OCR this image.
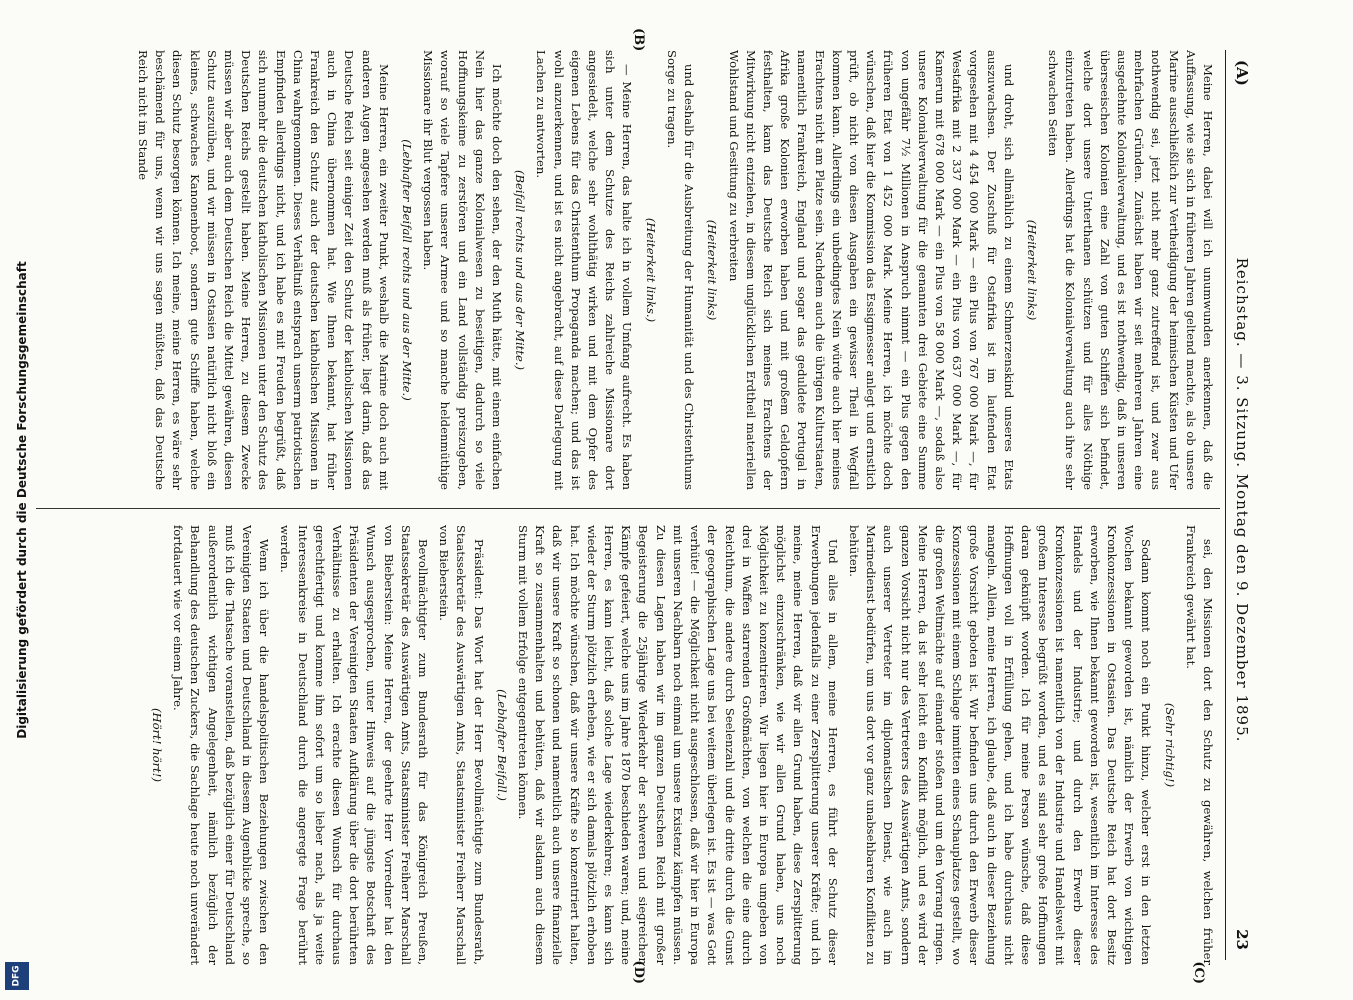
Digitalisierung gefördert durch die Deutsche Forschungsgemeinschaft
DFG
(A)
Reichstag. — 3. Sitzung. Montag den 9. Dezember 1895.
23

Meine Herren, dabei will ich unumwunden anerkennen, daß die Auffassung, wie sie sich in früheren Jahren geltend machte, als ob unsere Marine ausschließlich zur Vertheidigung der heimischen Küsten und Ufer nothwendig sei, jetzt nicht mehr ganz zutreffend ist, und zwar aus mehrfachen Gründen. Zunächst haben wir seit mehreren Jahren eine ausgedehnte Kolonialverwaltung, und es ist nothwendig, daß in unseren überseeischen Kolonien eine Zahl von guten Schiffen sich befindet, welche dort unsere Unterthanen schützen und für alles Nöthige einzutreten haben. Allerdings hat die Kolonialverwaltung auch ihre sehr schwachen Seiten

(Heiterkeit links)

und droht, sich allmählich zu einem Schmerzenskind unseres Etats auszuwachsen. Der Zuschuß für Ostafrika ist im laufenden Etat vorgesehen mit 4 454 000 Mark — ein Plus von 767 000 Mark —, für Westafrika mit 2 337 000 Mark — ein Plus von 637 000 Mark —, für Kamerun mit 678 000 Mark — ein Plus von 58 000 Mark —, sodaß also unsere Kolonialverwaltung für die genannten drei Gebiete eine Summe von ungefähr 7½ Millionen in Anspruch nimmt — ein Plus gegen den früheren Etat von 1 452 000 Mark. Meine Herren, ich möchte doch wünschen, daß hier die Kommission das Essigmesser anlegt und ernstlich prüft, ob nicht von diesen Ausgaben ein gewisser Theil in Wegfall kommen kann. Allerdings ein unbedingtes Nein würde auch hier meines Erachtens nicht am Platze sein. Nachdem auch die übrigen Kulturstaaten, namentlich Frankreich, England und sogar das geduldete Portugal in Afrika große Kolonien erworben haben und mit großem Geldopfern festhalten, kann das Deutsche Reich sich meines Erachtens der Mitwirkung nicht entziehen, in diesem unglücklichen Erdtheil materiellen Wohlstand und Gesittung zu verbreiten

(Heiterkeit links)

und deshalb für die Ausbreitung der Humanität und des Christenthums Sorge zu tragen.

(Heiterkeit links.)

— Meine Herren, das halte ich in vollem Umfang aufrecht. Es haben sich unter dem Schutze des Reichs zahlreiche Missionare dort angesiedelt, welche sehr wohlthätig wirken und mit dem Opfer des eigenen Lebens für das Christenthum Propaganda machen; und das ist wohl anzuerkennen, und ist es nicht angebracht, auf diese Darlegung mit Lachen zu antworten.

(Beifall rechts und aus der Mitte.)

Ich möchte doch den sehen, der den Muth hätte, mit einem einfachen Nein hier das ganze Kolonialwesen zu beseitigen, dadurch so viele Hoffnungskeime zu zerstören und ein Land vollständig preiszugeben, worauf so viele Tapfere unserer Armee und so manche heldenmüthige Missionare ihr Blut vergossen haben.

(Lebhafter Beifall rechts und aus der Mitte.)

Meine Herren, ein zweiter Punkt, weshalb die Marine doch auch mit anderen Augen angesehen werden muß als früher, liegt darin, daß das Deutsche Reich seit einiger Zeit den Schutz der katholischen Missionen auch in China übernommen hat. Wie Ihnen bekannt, hat früher Frankreich den Schutz auch der deutschen katholischen Missionen in China wahrgenommen. Dieses Verhältniß entsprach unserm patriotischen Empfinden allerdings nicht, und ich habe es mit Freuden begrüßt, daß sich nunmehr die deutschen katholischen Missionen unter den Schutz des Deutschen Reichs gestellt haben. Meine Herren, zu diesem Zwecke müssen wir aber auch dem Deutschen Reich die Mittel gewähren, diesen Schutz auszuüben, und wir müssen in Ostasien natürlich nicht bloß ein kleines, schwaches Kanonenboot, sondern gute Schiffe haben, welche diesen Schutz besorgen können. Ich meine, meine Herren, es wäre sehr beschämend für uns, wenn wir uns sagen müßten, daß das Deutsche Reich nicht im Stande

sei, den Missionen dort den Schutz zu gewähren, welchen früher Frankreich gewährt hat.

(Sehr richtig!)

Sodann kommt noch ein Punkt hinzu, welcher erst in den letzten Wochen bekannt geworden ist, nämlich der Erwerb von wichtigen Kronkonzessionen in Ostasien. Das Deutsche Reich hat dort Besitz erworben, wie Ihnen bekannt geworden ist, wesentlich im Interesse des Handels und der Industrie; und durch den Erwerb dieser Kronkonzessionen ist namentlich von der Industrie und Handelswelt mit großem Interesse begrüßt worden, und es sind sehr große Hoffnungen daran geknüpft worden. Ich für meine Person wünsche, daß diese Hoffnungen voll in Erfüllung gehen, und ich habe durchaus nicht mangeln. Allein, meine Herren, ich glaube, daß auch in dieser Beziehung große Vorsicht geboten ist. Wir befinden uns durch den Erwerb dieser Konzessionen mit einem Schlage inmitten eines Schauplatzes gestellt, wo die großen Weltmächte auf einander stoßen und um den Vorrang ringen. Meine Herren, da ist sehr leicht ein Konflikt möglich, und es wird der ganzen Vorsicht nicht nur des Vertreters des Auswärtigen Amts, sondern auch unserer Vertreter im diplomatischen Dienst, wie auch im Marinedienst bedürfen, um uns dort vor ganz unabsehbaren Konflikten zu behüten.

Und alles in allem, meine Herren, es führt der Schutz dieser Erwerbungen jedenfalls zu einer Zersplitterung unserer Kräfte; und ich meine, meine Herren, daß wir allen Grund haben, diese Zersplitterung möglichst einzuschränken, wie wir allen Grund haben, uns noch Möglichkeit zu konzentrieren. Wir liegen hier in Europa umgeben von drei in Waffen starrenden Großmächten, von welchen die eine durch Reichthum, die andere durch Seelenzahl und die dritte durch die Gunst der geographischen Lage uns bei weitem überlegen ist. Es ist — was Gott verhüte! — die Möglichkeit nicht ausgeschlossen, daß wir hier in Europa mit unseren Nachbarn noch einmal um unsere Existenz kämpfen müssen. Zu diesen Lagen haben wir im ganzen Deutschen Reich mit großer Begeisterung die 25jährige Wiederkehr der schweren und siegreichen Kämpfe gefeiert, welche uns im Jahre 1870 beschieden waren; und, meine Herren, es kann leicht, daß solche Lage wiederkehren; es kann sich wieder der Sturm plötzlich erheben, wie er sich damals plötzlich erhoben hat. Ich möchte wünschen, daß wir unsere Kräfte so konzentriert halten, daß wir unsere Kraft so schonen und namentlich auch unsere finanzielle Kraft so zusammenhalten und behüten, daß wir alsdann auch diesem Sturm mit vollem Erfolge entgegentreten können.

(Lebhafter Beifall.)

Präsident: Das Wort hat der Herr Bevollmächtigte zum Bundesrath, Staatssekretär des Auswärtigen Amts, Staatsminister Freiherr Marschall von Bieberstein.

Bevollmächtigter zum Bundesrath für das Königreich Preußen, Staatssekretär des Auswärtigen Amts, Staatsminister Freiherr Marschall von Bieberstein: Meine Herren, der geehrte Herr Vorredner hat den Wunsch ausgesprochen, unter Hinweis auf die jüngste Botschaft des Präsidenten der Vereinigten Staaten Aufklärung über die dort berührten Verhältnisse zu erhalten. Ich erachte diesen Wunsch für durchaus gerechtfertigt und komme ihm sofort um so lieber nach, als ja weite Interessenkreise in Deutschland durch die angeregte Frage berührt werden.

Wenn ich über die handelspolitischen Beziehungen zwischen den Vereinigten Staaten und Deutschland in diesem Augenblicke spreche, so muß ich die Thatsache voranstellen, daß bezüglich einer für Deutschland außerordentlich wichtigen Angelegenheit, nämlich bezüglich der Behandlung des deutschen Zuckers, die Sachlage heute noch unverändert fortdauert wie vor einem Jahre.

(Hört! hört!)

(B)
(C)
(D)
